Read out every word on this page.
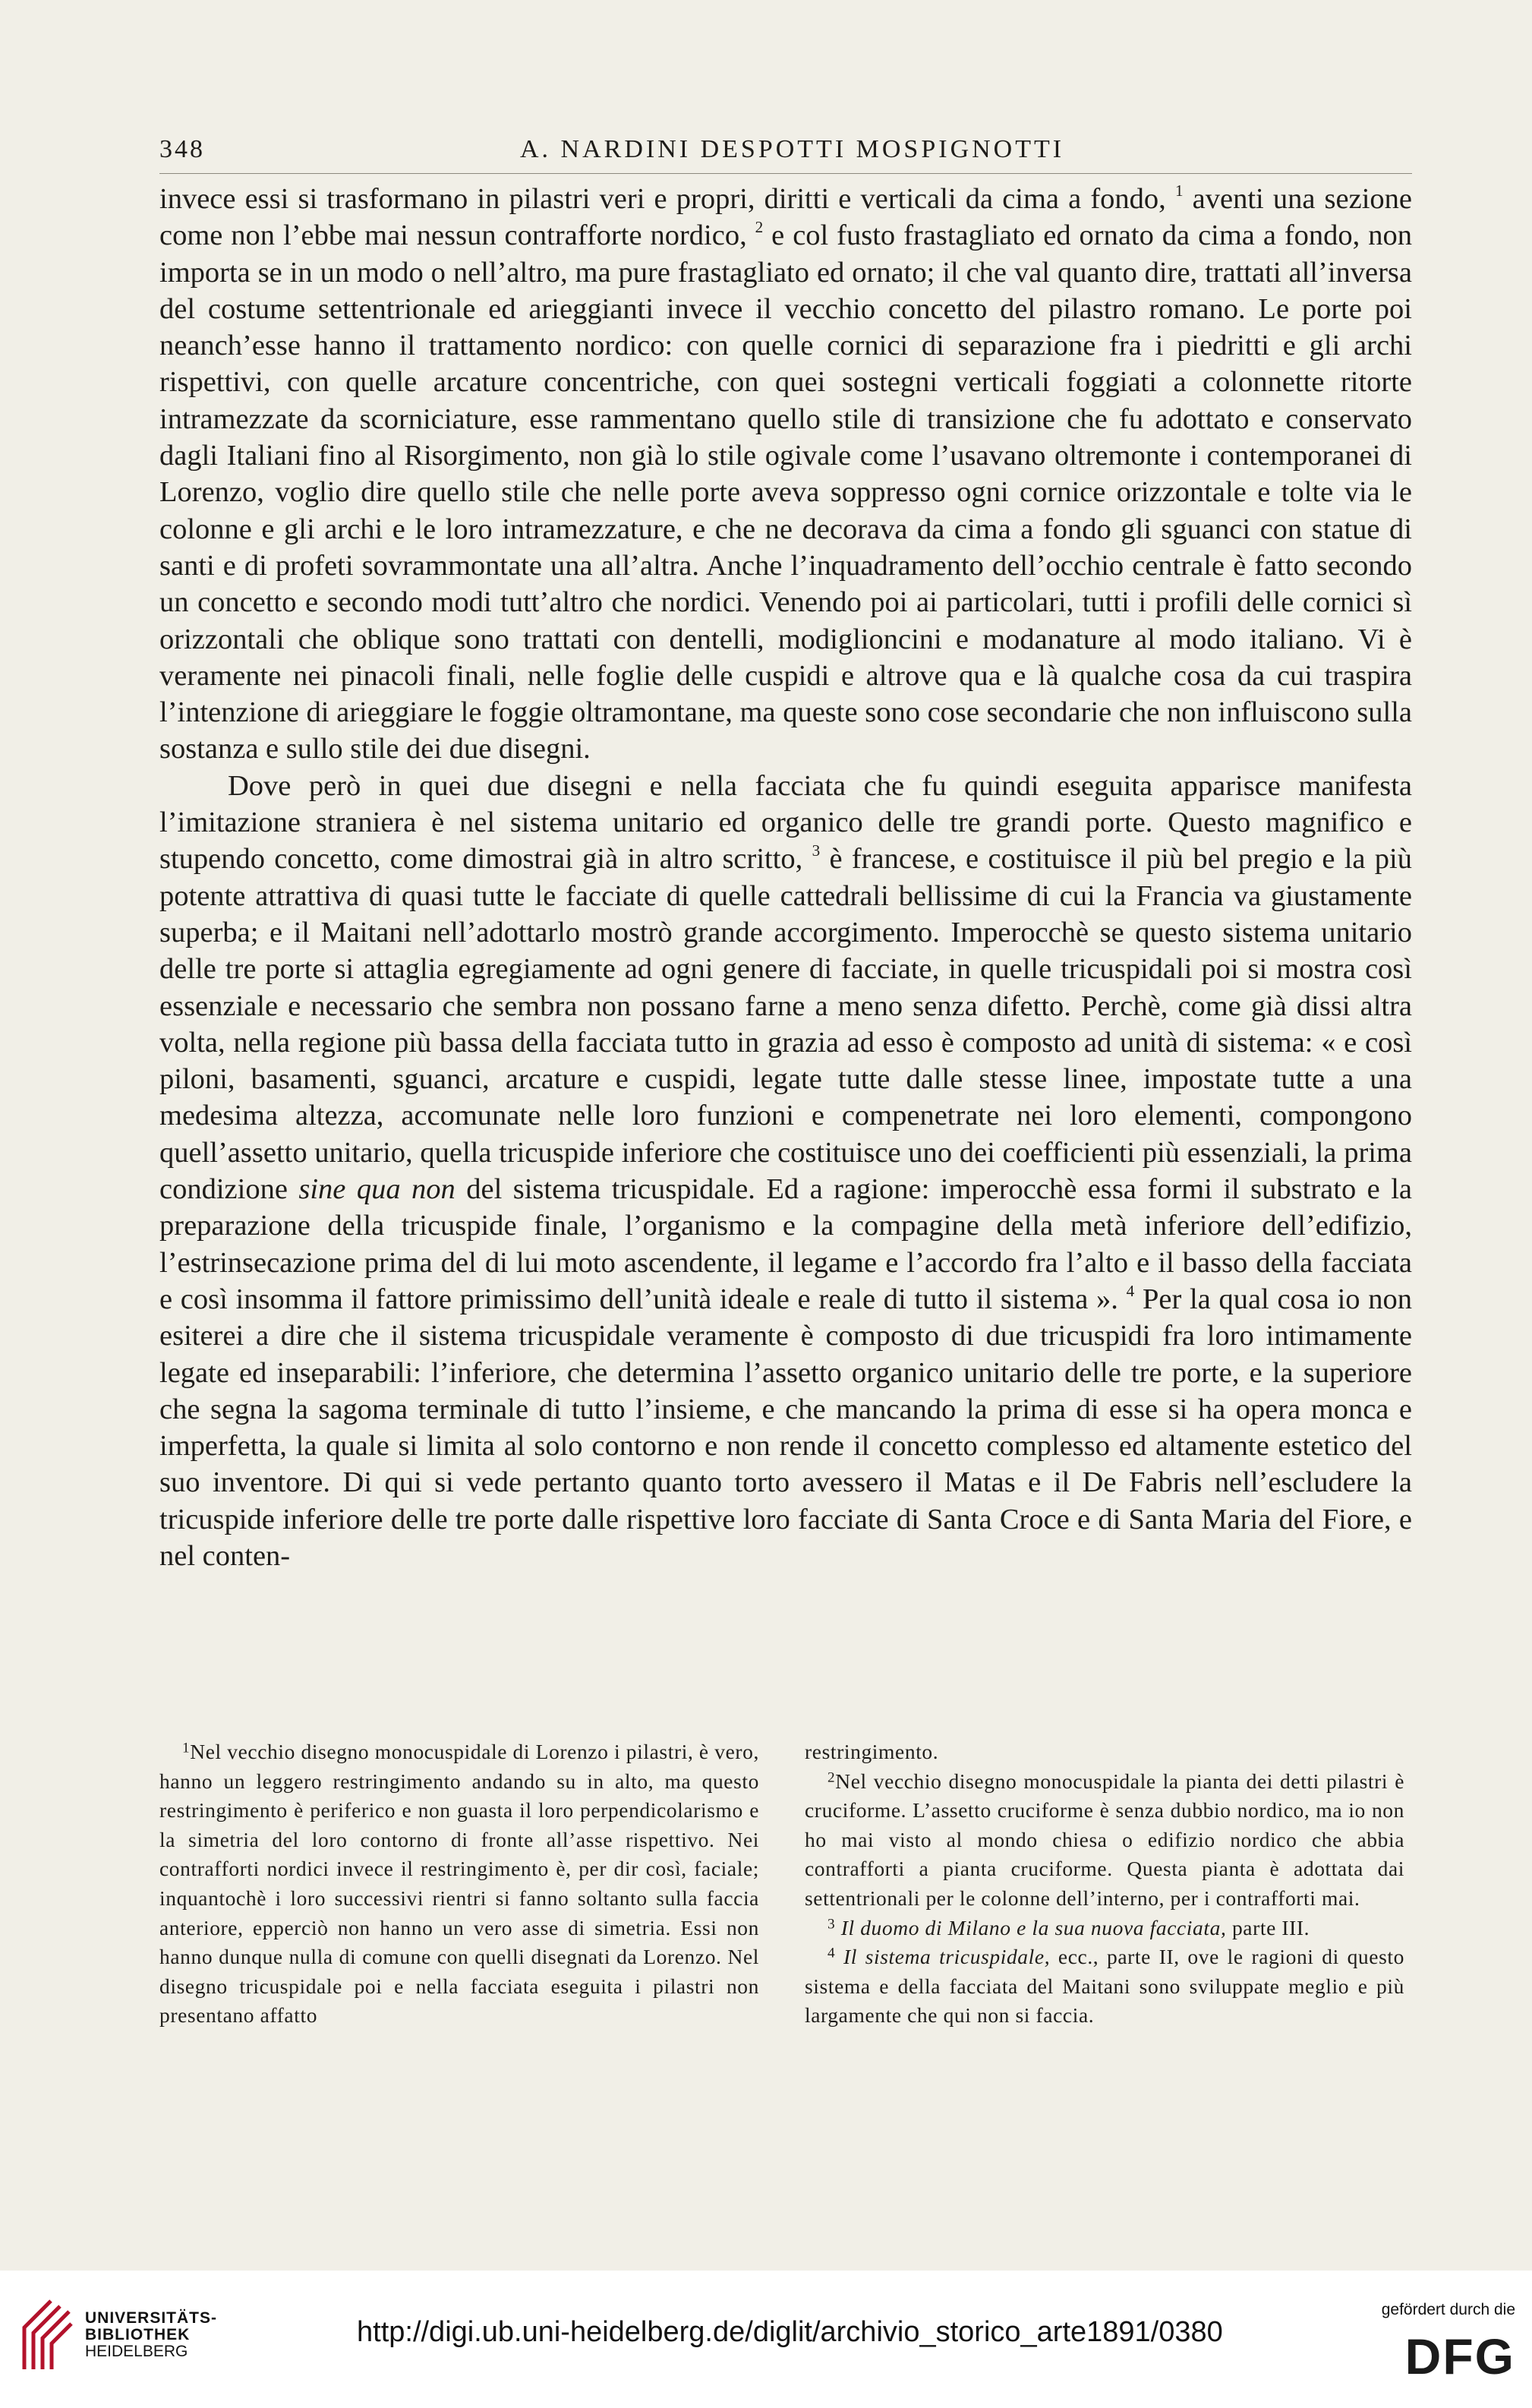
348	A. NARDINI DESPOTTI MOSPIGNOTTI

invece essi si trasformano in pilastri veri e propri, diritti e verticali da cima a fondo, $^1$ aventi una sezione come non l’ebbe mai nessun contrafforte nordico, $^2$ e col fusto frastagliato ed ornato da cima a fondo, non importa se in un modo o nell’altro, ma pure frastagliato ed ornato; il che val quanto dire, trattati all’inversa del costume settentrionale ed arieggianti invece il vecchio concetto del pilastro romano. Le porte poi neanch’esse hanno il trattamento nordico: con quelle cornici di separazione fra i piedritti e gli archi rispettivi, con quelle arcature concentriche, con quei sostegni verticali foggiati a colonnette ritorte intramezzate da scorniciature, esse rammentano quello stile di transizione che fu adottato e conservato dagli Italiani fino al Risorgimento, non già lo stile ogivale come l’usavano oltremonte i contemporanei di Lorenzo, voglio dire quello stile che nelle porte aveva soppresso ogni cornice orizzontale e tolte via le colonne e gli archi e le loro intramezzature, e che ne decorava da cima a fondo gli sguanci con statue di santi e di profeti sovrammontate una all’altra. Anche l’inquadramento dell’occhio centrale è fatto secondo un concetto e secondo modi tutt’altro che nordici. Venendo poi ai particolari, tutti i profili delle cornici sì orizzontali che oblique sono trattati con dentelli, modiglioncini e modanature al modo italiano. Vi è veramente nei pinacoli finali, nelle foglie delle cuspidi e altrove qua e là qualche cosa da cui traspira l’intenzione di arieggiare le foggie oltramontane, ma queste sono cose secondarie che non influiscono sulla sostanza e sullo stile dei due disegni.

Dove però in quei due disegni e nella facciata che fu quindi eseguita apparisce manifesta l’imitazione straniera è nel sistema unitario ed organico delle tre grandi porte. Questo magnifico e stupendo concetto, come dimostrai già in altro scritto, $^3$ è francese, e costituisce il più bel pregio e la più potente attrattiva di quasi tutte le facciate di quelle cattedrali bellissime di cui la Francia va giustamente superba; e il Maitani nell’adottarlo mostrò grande accorgimento. Imperocchè se questo sistema unitario delle tre porte si attaglia egregiamente ad ogni genere di facciate, in quelle tricuspidali poi si mostra così essenziale e necessario che sembra non possano farne a meno senza difetto. Perchè, come già dissi altra volta, nella regione più bassa della facciata tutto in grazia ad esso è composto ad unità di sistema: « e così piloni, basamenti, sguanci, arcature e cuspidi, legate tutte dalle stesse linee, impostate tutte a una medesima altezza, accomunate nelle loro funzioni e compenetrate nei loro elementi, compongono quell’assetto unitario, quella tricuspide inferiore che costituisce uno dei coefficienti più essenziali, la prima condizione sine qua non del sistema tricuspidale. Ed a ragione: imperocchè essa formi il substrato e la preparazione della tricuspide finale, l’organismo e la compagine della metà inferiore dell’edifizio, l’estrinsecazione prima del di lui moto ascendente, il legame e l’accordo fra l’alto e il basso della facciata e così insomma il fattore primissimo dell’unità ideale e reale di tutto il sistema ». $^4$ Per la qual cosa io non esiterei a dire che il sistema tricuspidale veramente è composto di due tricuspidi fra loro intimamente legate ed inseparabili: l’inferiore, che determina l’assetto organico unitario delle tre porte, e la superiore che segna la sagoma terminale di tutto l’insieme, e che mancando la prima di esse si ha opera monca e imperfetta, la quale si limita al solo contorno e non rende il concetto complesso ed altamente estetico del suo inventore. Di qui si vede pertanto quanto torto avessero il Matas e il De Fabris nell’escludere la tricuspide inferiore delle tre porte dalle rispettive loro facciate di Santa Croce e di Santa Maria del Fiore, e nel conten-

$^1$Nel vecchio disegno monocuspidale di Lorenzo i pilastri, è vero, hanno un leggero restringimento andando su in alto, ma questo restringimento è periferico e non guasta il loro perpendicolarismo e la simetria del loro contorno di fronte all’asse rispettivo. Nei contrafforti nordici invece il restringimento è, per dir così, faciale; inquantochè i loro successivi rientri si fanno soltanto sulla faccia anteriore, epperciò non hanno un vero asse di simetria. Essi non hanno dunque nulla di comune con quelli disegnati da Lorenzo. Nel disegno tricuspidale poi e nella facciata eseguita i pilastri non presentano affatto

restringimento.

$^2$Nel vecchio disegno monocuspidale la pianta dei detti pilastri è cruciforme. L’assetto cruciforme è senza dubbio nordico, ma io non ho mai visto al mondo chiesa o edifizio nordico che abbia contrafforti a pianta cruciforme. Questa pianta è adottata dai settentrionali per le colonne dell’interno, per i contrafforti mai.

$^3$ Il duomo di Milano e la sua nuova facciata, parte III.

$^4$ Il sistema tricuspidale, ecc., parte II, ove le ragioni di questo sistema e della facciata del Maitani sono sviluppate meglio e più largamente che qui non si faccia.

UNIVERSITÄTS-
BIBLIOTHEK
HEIDELBERG
http://digi.ub.uni-heidelberg.de/diglit/archivio_storico_arte1891/0380
gefördert durch die
DFG
